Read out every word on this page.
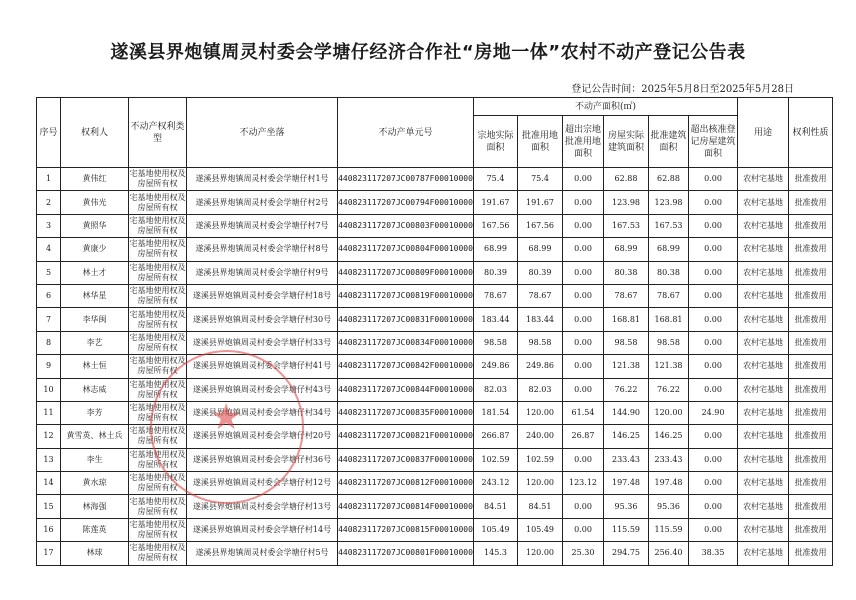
遂溪县界炮镇周灵村委会学塘仔经济合作社“房地一体”农村不动产登记公告表
登记公告时间：2025年5月8日至2025年5月28日
序号	权利人	不动产权利类型	不动产坐落	不动产单元号	不动产面积(㎡)						用途	权利性质
					宗地实际面积	批准用地面积	超出宗地批准用地面积	房屋实际建筑面积	批准建筑面积	超出核准登记房屋建筑面积		
1	黄伟红	宅基地使用权及房屋所有权	遂溪县界炮镇周灵村委会学塘仔村1号	440823117207JC00787F00010000	75.4	75.4	0.00	62.88	62.88	0.00	农村宅基地	批准拨用
2	黄伟光	宅基地使用权及房屋所有权	遂溪县界炮镇周灵村委会学塘仔村2号	440823117207JC00794F00010000	191.67	191.67	0.00	123.98	123.98	0.00	农村宅基地	批准拨用
3	黄照华	宅基地使用权及房屋所有权	遂溪县界炮镇周灵村委会学塘仔村7号	440823117207JC00803F00010000	167.56	167.56	0.00	167.53	167.53	0.00	农村宅基地	批准拨用
4	黄康少	宅基地使用权及房屋所有权	遂溪县界炮镇周灵村委会学塘仔村8号	440823117207JC00804F00010000	68.99	68.99	0.00	68.99	68.99	0.00	农村宅基地	批准拨用
5	林土才	宅基地使用权及房屋所有权	遂溪县界炮镇周灵村委会学塘仔村9号	440823117207JC00809F00010000	80.39	80.39	0.00	80.38	80.38	0.00	农村宅基地	批准拨用
6	林华星	宅基地使用权及房屋所有权	遂溪县界炮镇周灵村委会学塘仔村18号	440823117207JC00819F00010000	78.67	78.67	0.00	78.67	78.67	0.00	农村宅基地	批准拨用
7	李华闽	宅基地使用权及房屋所有权	遂溪县界炮镇周灵村委会学塘仔村30号	440823117207JC00831F00010000	183.44	183.44	0.00	168.81	168.81	0.00	农村宅基地	批准拨用
8	李艺	宅基地使用权及房屋所有权	遂溪县界炮镇周灵村委会学塘仔村33号	440823117207JC00834F00010000	98.58	98.58	0.00	98.58	98.58	0.00	农村宅基地	批准拨用
9	林土恒	宅基地使用权及房屋所有权	遂溪县界炮镇周灵村委会学塘仔村41号	440823117207JC00842F00010000	249.86	249.86	0.00	121.38	121.38	0.00	农村宅基地	批准拨用
10	林志威	宅基地使用权及房屋所有权	遂溪县界炮镇周灵村委会学塘仔村43号	440823117207JC00844F00010000	82.03	82.03	0.00	76.22	76.22	0.00	农村宅基地	批准拨用
11	李芳	宅基地使用权及房屋所有权	遂溪县界炮镇周灵村委会学塘仔村34号	440823117207JC00835F00010000	181.54	120.00	61.54	144.90	120.00	24.90	农村宅基地	批准拨用
12	黄雪英、林土兵	宅基地使用权及房屋所有权	遂溪县界炮镇周灵村委会学塘仔村20号	440823117207JC00821F00010000	266.87	240.00	26.87	146.25	146.25	0.00	农村宅基地	批准拨用
13	李生	宅基地使用权及房屋所有权	遂溪县界炮镇周灵村委会学塘仔村36号	440823117207JC00837F00010000	102.59	102.59	0.00	233.43	233.43	0.00	农村宅基地	批准拨用
14	黄水琼	宅基地使用权及房屋所有权	遂溪县界炮镇周灵村委会学塘仔村12号	440823117207JC00812F00010000	243.12	120.00	123.12	197.48	197.48	0.00	农村宅基地	批准拨用
15	林海强	宅基地使用权及房屋所有权	遂溪县界炮镇周灵村委会学塘仔村13号	440823117207JC00814F00010000	84.51	84.51	0.00	95.36	95.36	0.00	农村宅基地	批准拨用
16	陈莲英	宅基地使用权及房屋所有权	遂溪县界炮镇周灵村委会学塘仔村14号	440823117207JC00815F00010000	105.49	105.49	0.00	115.59	115.59	0.00	农村宅基地	批准拨用
17	林球	宅基地使用权及房屋所有权	遂溪县界炮镇周灵村委会学塘仔村5号	440823117207JC00801F00010000	145.3	120.00	25.30	294.75	256.40	38.35	农村宅基地	批准拨用
★
